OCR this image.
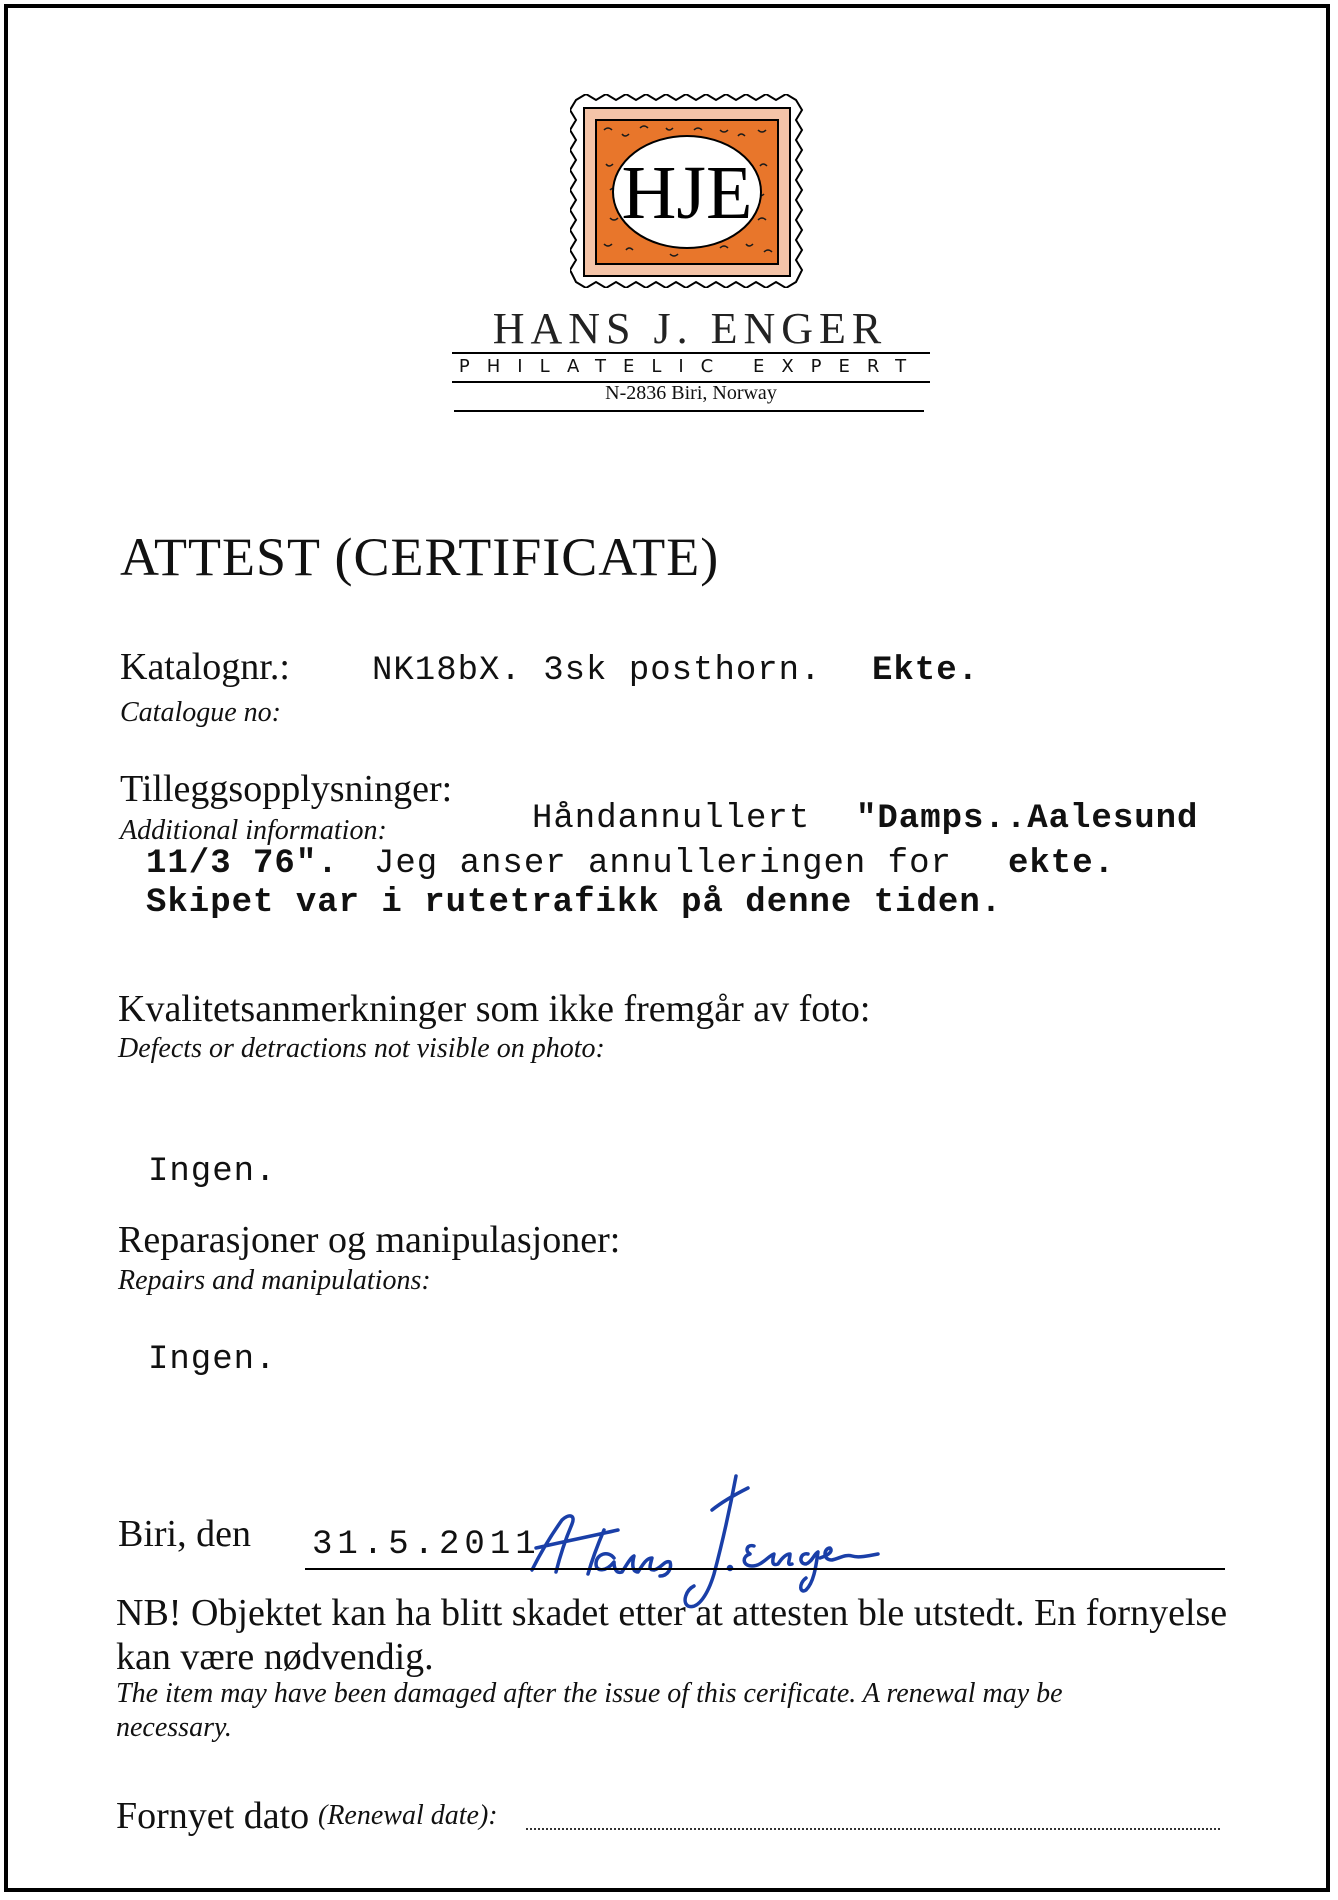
HJE
HANS J. ENGER
PHILATELIC EXPERT
N-2836 Biri, Norway
ATTEST (CERTIFICATE)
Katalognr.:
Catalogue no:
NK18bX. 3sk posthorn. Ekte.
Tilleggsopplysninger:
Additional information:	Håndannullert "Damps..Aalesund
11/3 76". Jeg anser annulleringen for ekte.
Skipet var i rutetrafikk på denne tiden.
Kvalitetsanmerkninger som ikke fremgår av foto:
Defects or detractions not visible on photo:
Ingen.
Reparasjoner og manipulasjoner:
Repairs and manipulations:
Ingen.
Biri, den 31.5.2011
NB! Objektet kan ha blitt skadet etter at attesten ble utstedt. En fornyelse
kan være nødvendig.
The item may have been damaged after the issue of this cerificate. A renewal may be
necessary.
Fornyet dato (Renewal date):
